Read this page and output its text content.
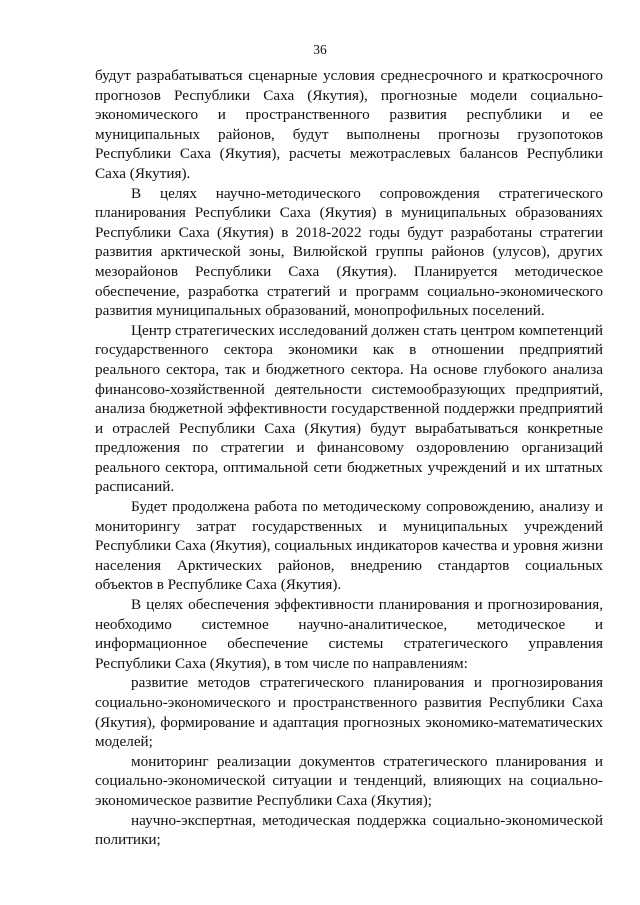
36

будут разрабатываться сценарные условия среднесрочного и краткосрочного прогнозов Республики Саха (Якутия), прогнозные модели социально-экономического и пространственного развития республики и ее муниципальных районов, будут выполнены прогнозы грузопотоков Республики Саха (Якутия), расчеты межотраслевых балансов Республики Саха (Якутия).

В целях научно-методического сопровождения стратегического планирования Республики Саха (Якутия) в муниципальных образованиях Республики Саха (Якутия) в 2018-2022 годы будут разработаны стратегии развития арктической зоны, Вилюйской группы районов (улусов), других мезорайонов Республики Саха (Якутия). Планируется методическое обеспечение, разработка стратегий и программ социально-экономического развития муниципальных образований, монопрофильных поселений.

Центр стратегических исследований должен стать центром компетенций государственного сектора экономики как в отношении предприятий реального сектора, так и бюджетного сектора. На основе глубокого анализа финансово-хозяйственной деятельности системообразующих предприятий, анализа бюджетной эффективности государственной поддержки предприятий и отраслей Республики Саха (Якутия) будут вырабатываться конкретные предложения по стратегии и финансовому оздоровлению организаций реального сектора, оптимальной сети бюджетных учреждений и их штатных расписаний.

Будет продолжена работа по методическому сопровождению, анализу и мониторингу затрат государственных и муниципальных учреждений Республики Саха (Якутия), социальных индикаторов качества и уровня жизни населения Арктических районов, внедрению стандартов социальных объектов в Республике Саха (Якутия).

В целях обеспечения эффективности планирования и прогнозирования, необходимо системное научно-аналитическое, методическое и информационное обеспечение системы стратегического управления Республики Саха (Якутия), в том числе по направлениям:

развитие методов стратегического планирования и прогнозирования социально-экономического и пространственного развития Республики Саха (Якутия), формирование и адаптация прогнозных экономико-математических моделей;

мониторинг реализации документов стратегического планирования и социально-экономической ситуации и тенденций, влияющих на социально-экономическое развитие Республики Саха (Якутия);

научно-экспертная, методическая поддержка социально-экономической политики;
